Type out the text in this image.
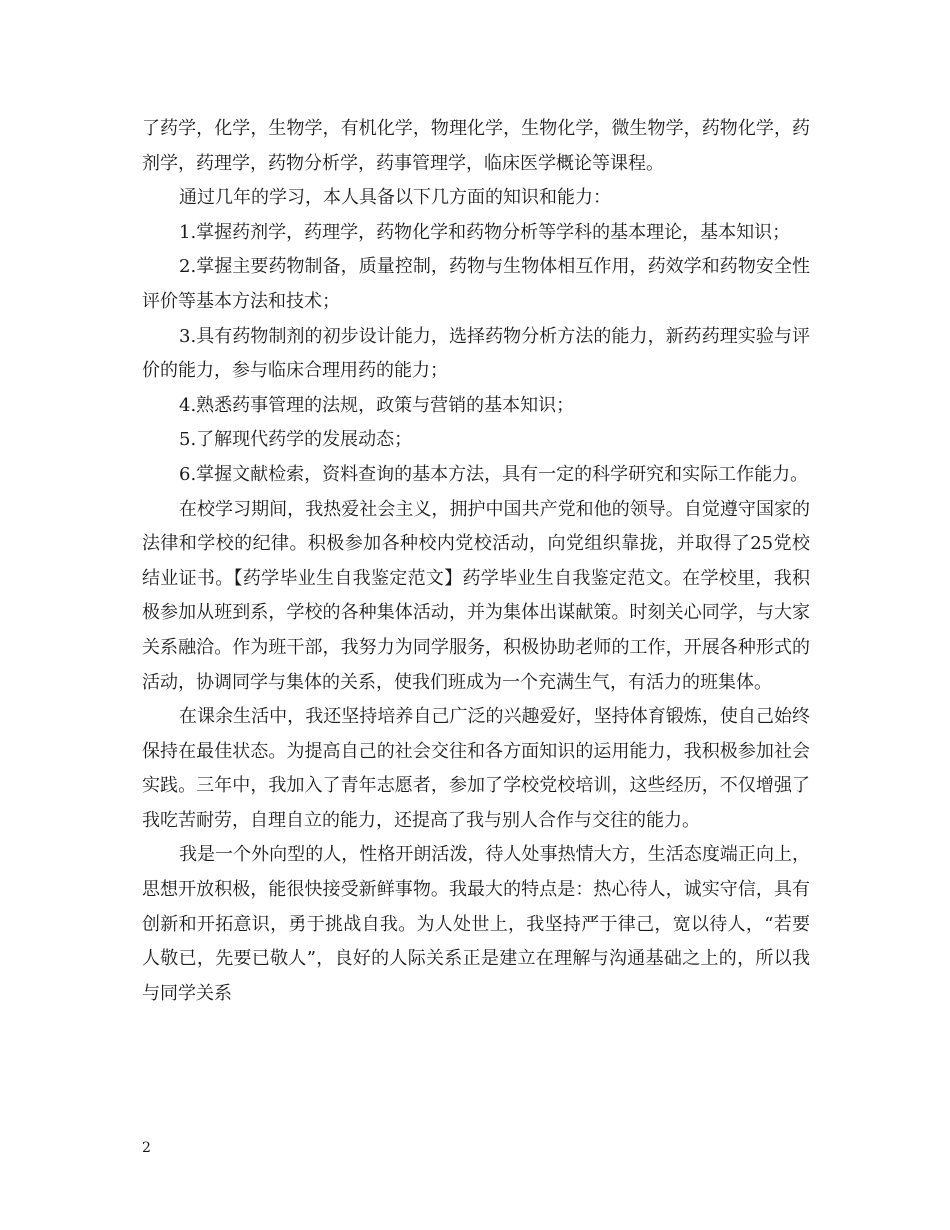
了药学，化学，生物学，有机化学，物理化学，生物化学，微生物学，药物化学，药剂学，药理学，药物分析学，药事管理学，临床医学概论等课程。

通过几年的学习，本人具备以下几方面的知识和能力：

1.掌握药剂学，药理学，药物化学和药物分析等学科的基本理论，基本知识；

2.掌握主要药物制备，质量控制，药物与生物体相互作用，药效学和药物安全性评价等基本方法和技术；

3.具有药物制剂的初步设计能力，选择药物分析方法的能力，新药药理实验与评价的能力，参与临床合理用药的能力；

4.熟悉药事管理的法规，政策与营销的基本知识；

5.了解现代药学的发展动态；

6.掌握文献检索，资料查询的基本方法，具有一定的科学研究和实际工作能力。

在校学习期间，我热爱社会主义，拥护中国共产党和他的领导。自觉遵守国家的法律和学校的纪律。积极参加各种校内党校活动，向党组织靠拢，并取得了25党校结业证书。【药学毕业生自我鉴定范文】药学毕业生自我鉴定范文。在学校里，我积极参加从班到系，学校的各种集体活动，并为集体出谋献策。时刻关心同学，与大家关系融洽。作为班干部，我努力为同学服务，积极协助老师的工作，开展各种形式的活动，协调同学与集体的关系，使我们班成为一个充满生气，有活力的班集体。

在课余生活中，我还坚持培养自己广泛的兴趣爱好，坚持体育锻炼，使自己始终保持在最佳状态。为提高自己的社会交往和各方面知识的运用能力，我积极参加社会实践。三年中，我加入了青年志愿者，参加了学校党校培训，这些经历，不仅增强了我吃苦耐劳，自理自立的能力，还提高了我与别人合作与交往的能力。

我是一个外向型的人，性格开朗活泼，待人处事热情大方，生活态度端正向上，思想开放积极，能很快接受新鲜事物。我最大的特点是：热心待人，诚实守信，具有创新和开拓意识，勇于挑战自我。为人处世上，我坚持严于律己，宽以待人，“若要人敬已，先要已敬人”，良好的人际关系正是建立在理解与沟通基础之上的，所以我与同学关系

2
